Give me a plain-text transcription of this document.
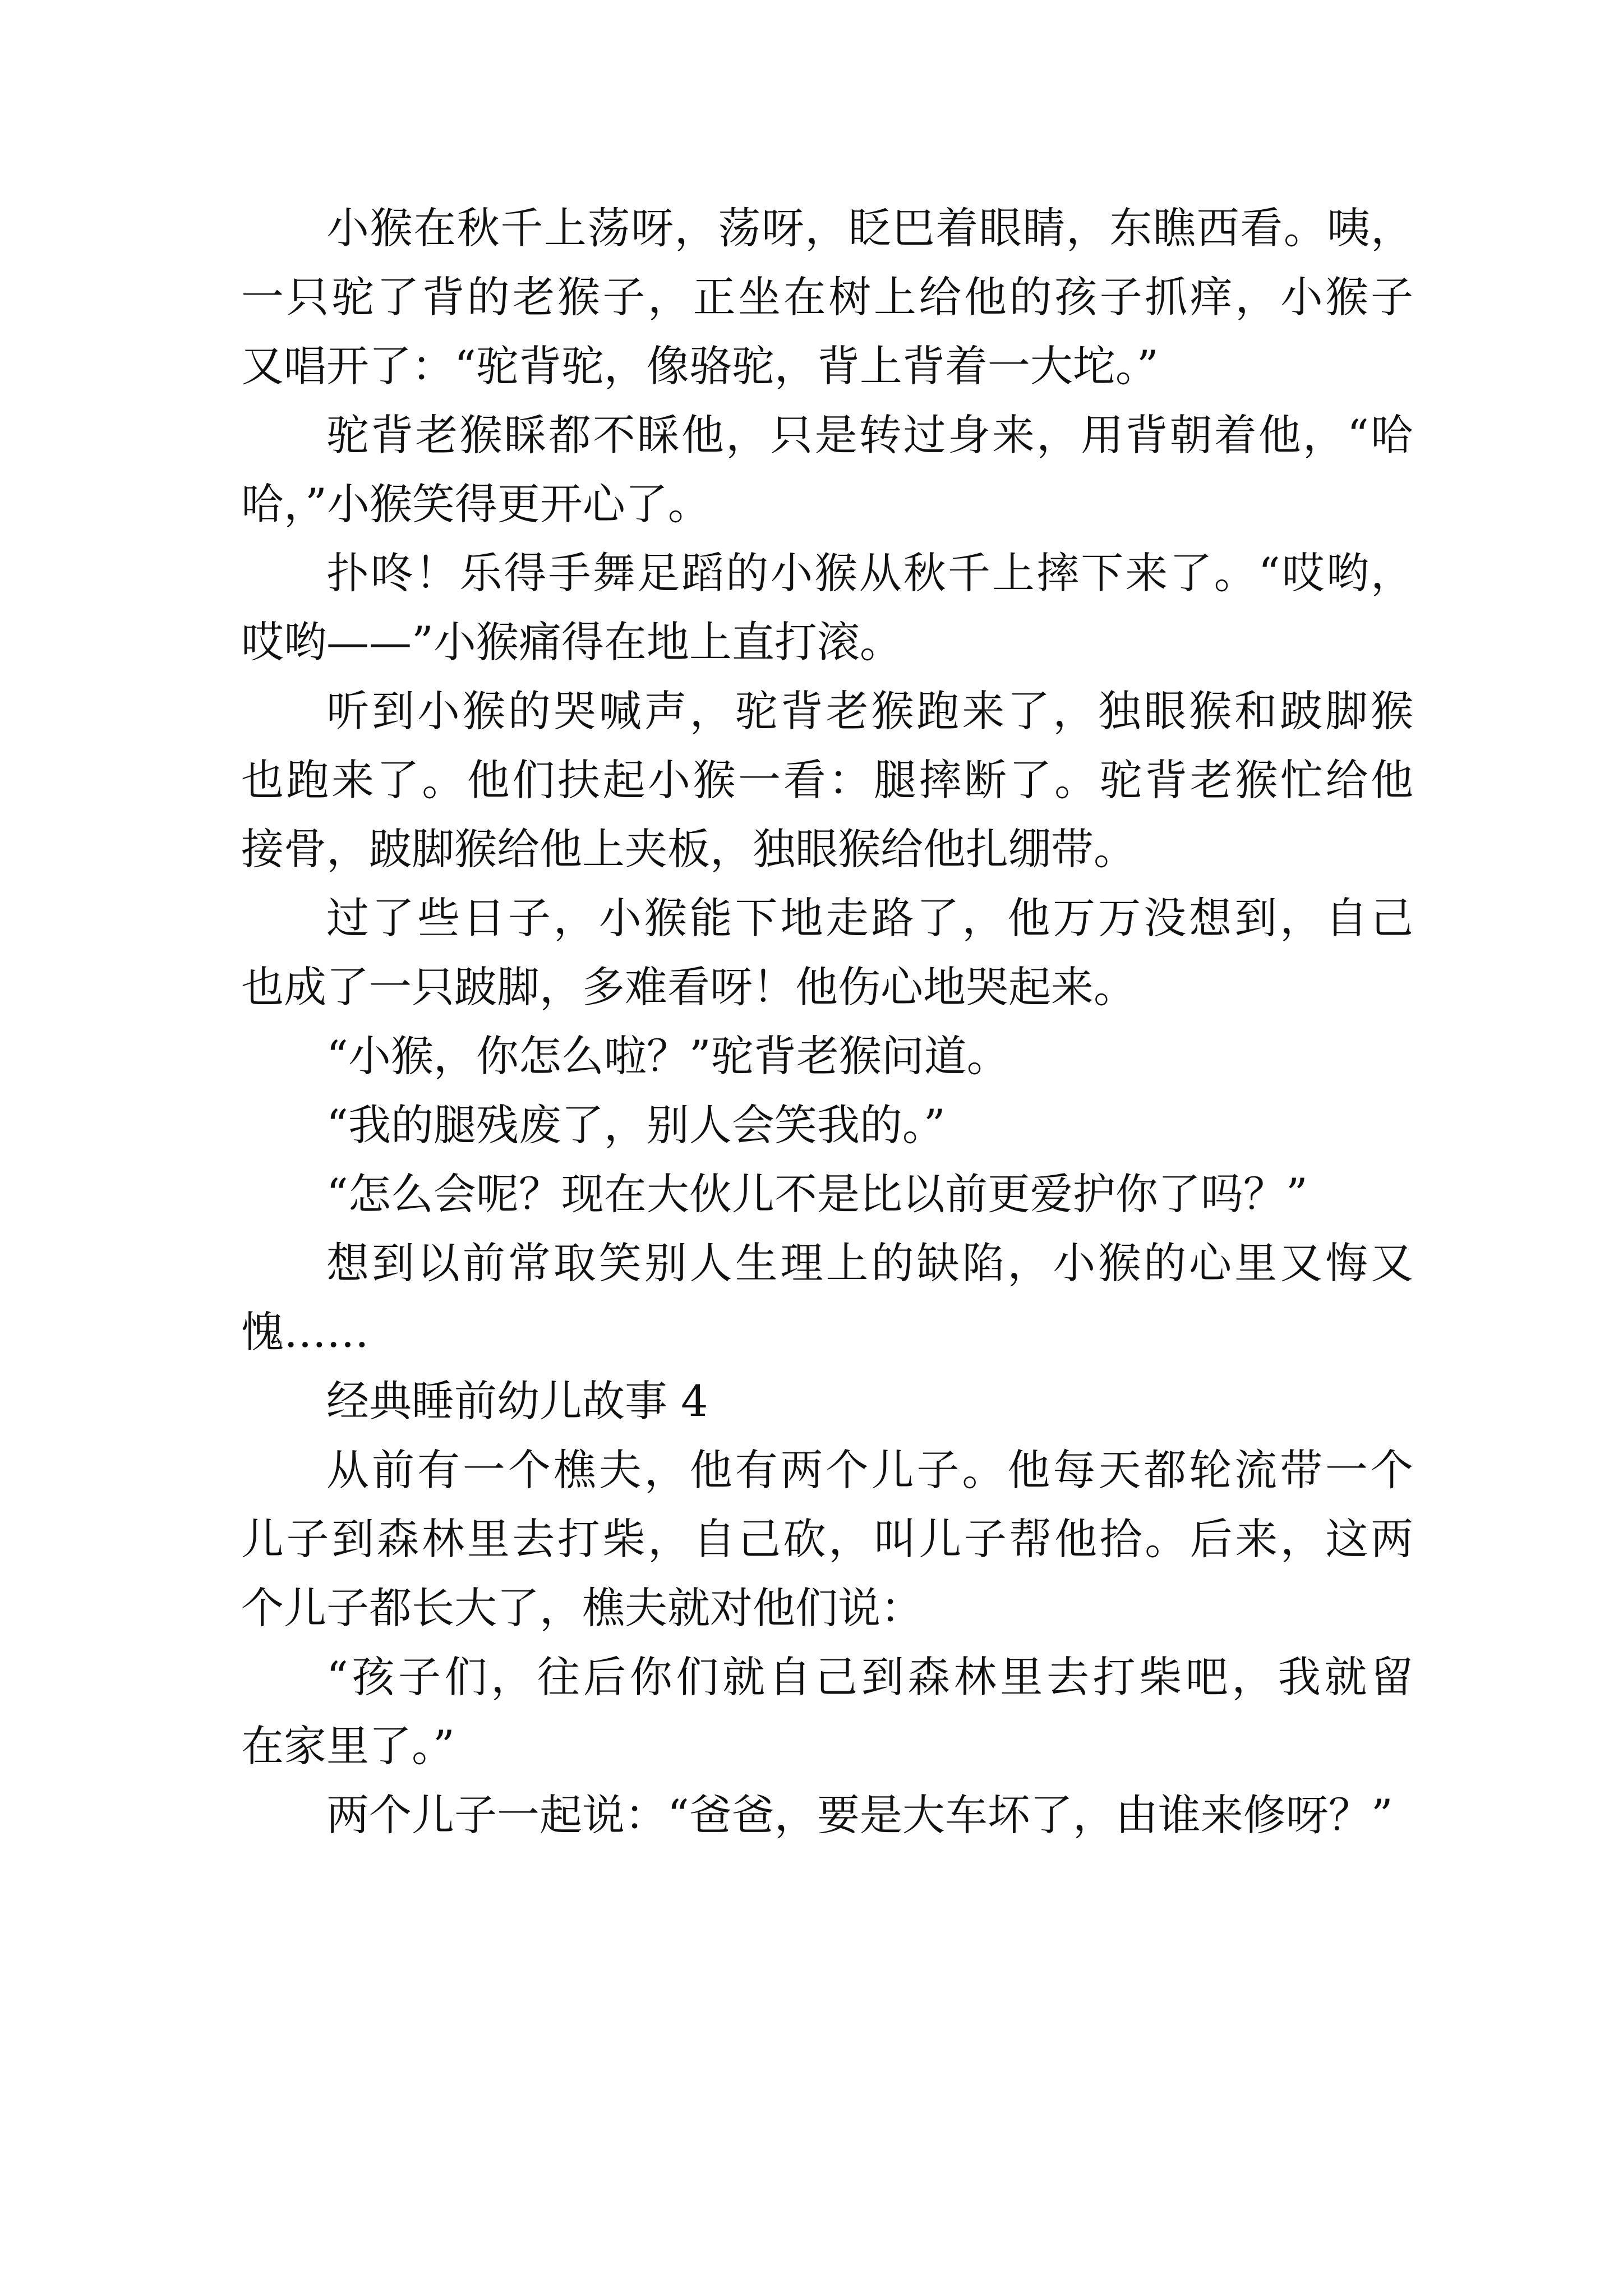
小猴在秋千上荡呀，荡呀，眨巴着眼睛，东瞧西看。咦，
一只驼了背的老猴子，正坐在树上给他的孩子抓痒，小猴子
又唱开了：“驼背驼，像骆驼，背上背着一大坨。”
驼背老猴睬都不睬他，只是转过身来，用背朝着他，“哈
哈，”小猴笑得更开心了。
扑咚！乐得手舞足蹈的小猴从秋千上摔下来了。“哎哟，
哎哟——”小猴痛得在地上直打滚。
听到小猴的哭喊声，驼背老猴跑来了，独眼猴和跛脚猴
也跑来了。他们扶起小猴一看：腿摔断了。驼背老猴忙给他
接骨，跛脚猴给他上夹板，独眼猴给他扎绷带。
过了些日子，小猴能下地走路了，他万万没想到，自己
也成了一只跛脚，多难看呀！他伤心地哭起来。
“小猴，你怎么啦？”驼背老猴问道。
“我的腿残废了，别人会笑我的。”
“怎么会呢？现在大伙儿不是比以前更爱护你了吗？”
想到以前常取笑别人生理上的缺陷，小猴的心里又悔又
愧……
经典睡前幼儿故事 4
从前有一个樵夫，他有两个儿子。他每天都轮流带一个
儿子到森林里去打柴，自己砍，叫儿子帮他拾。后来，这两
个儿子都长大了，樵夫就对他们说：
“孩子们，往后你们就自己到森林里去打柴吧，我就留
在家里了。”
两个儿子一起说：“爸爸，要是大车坏了，由谁来修呀？”
